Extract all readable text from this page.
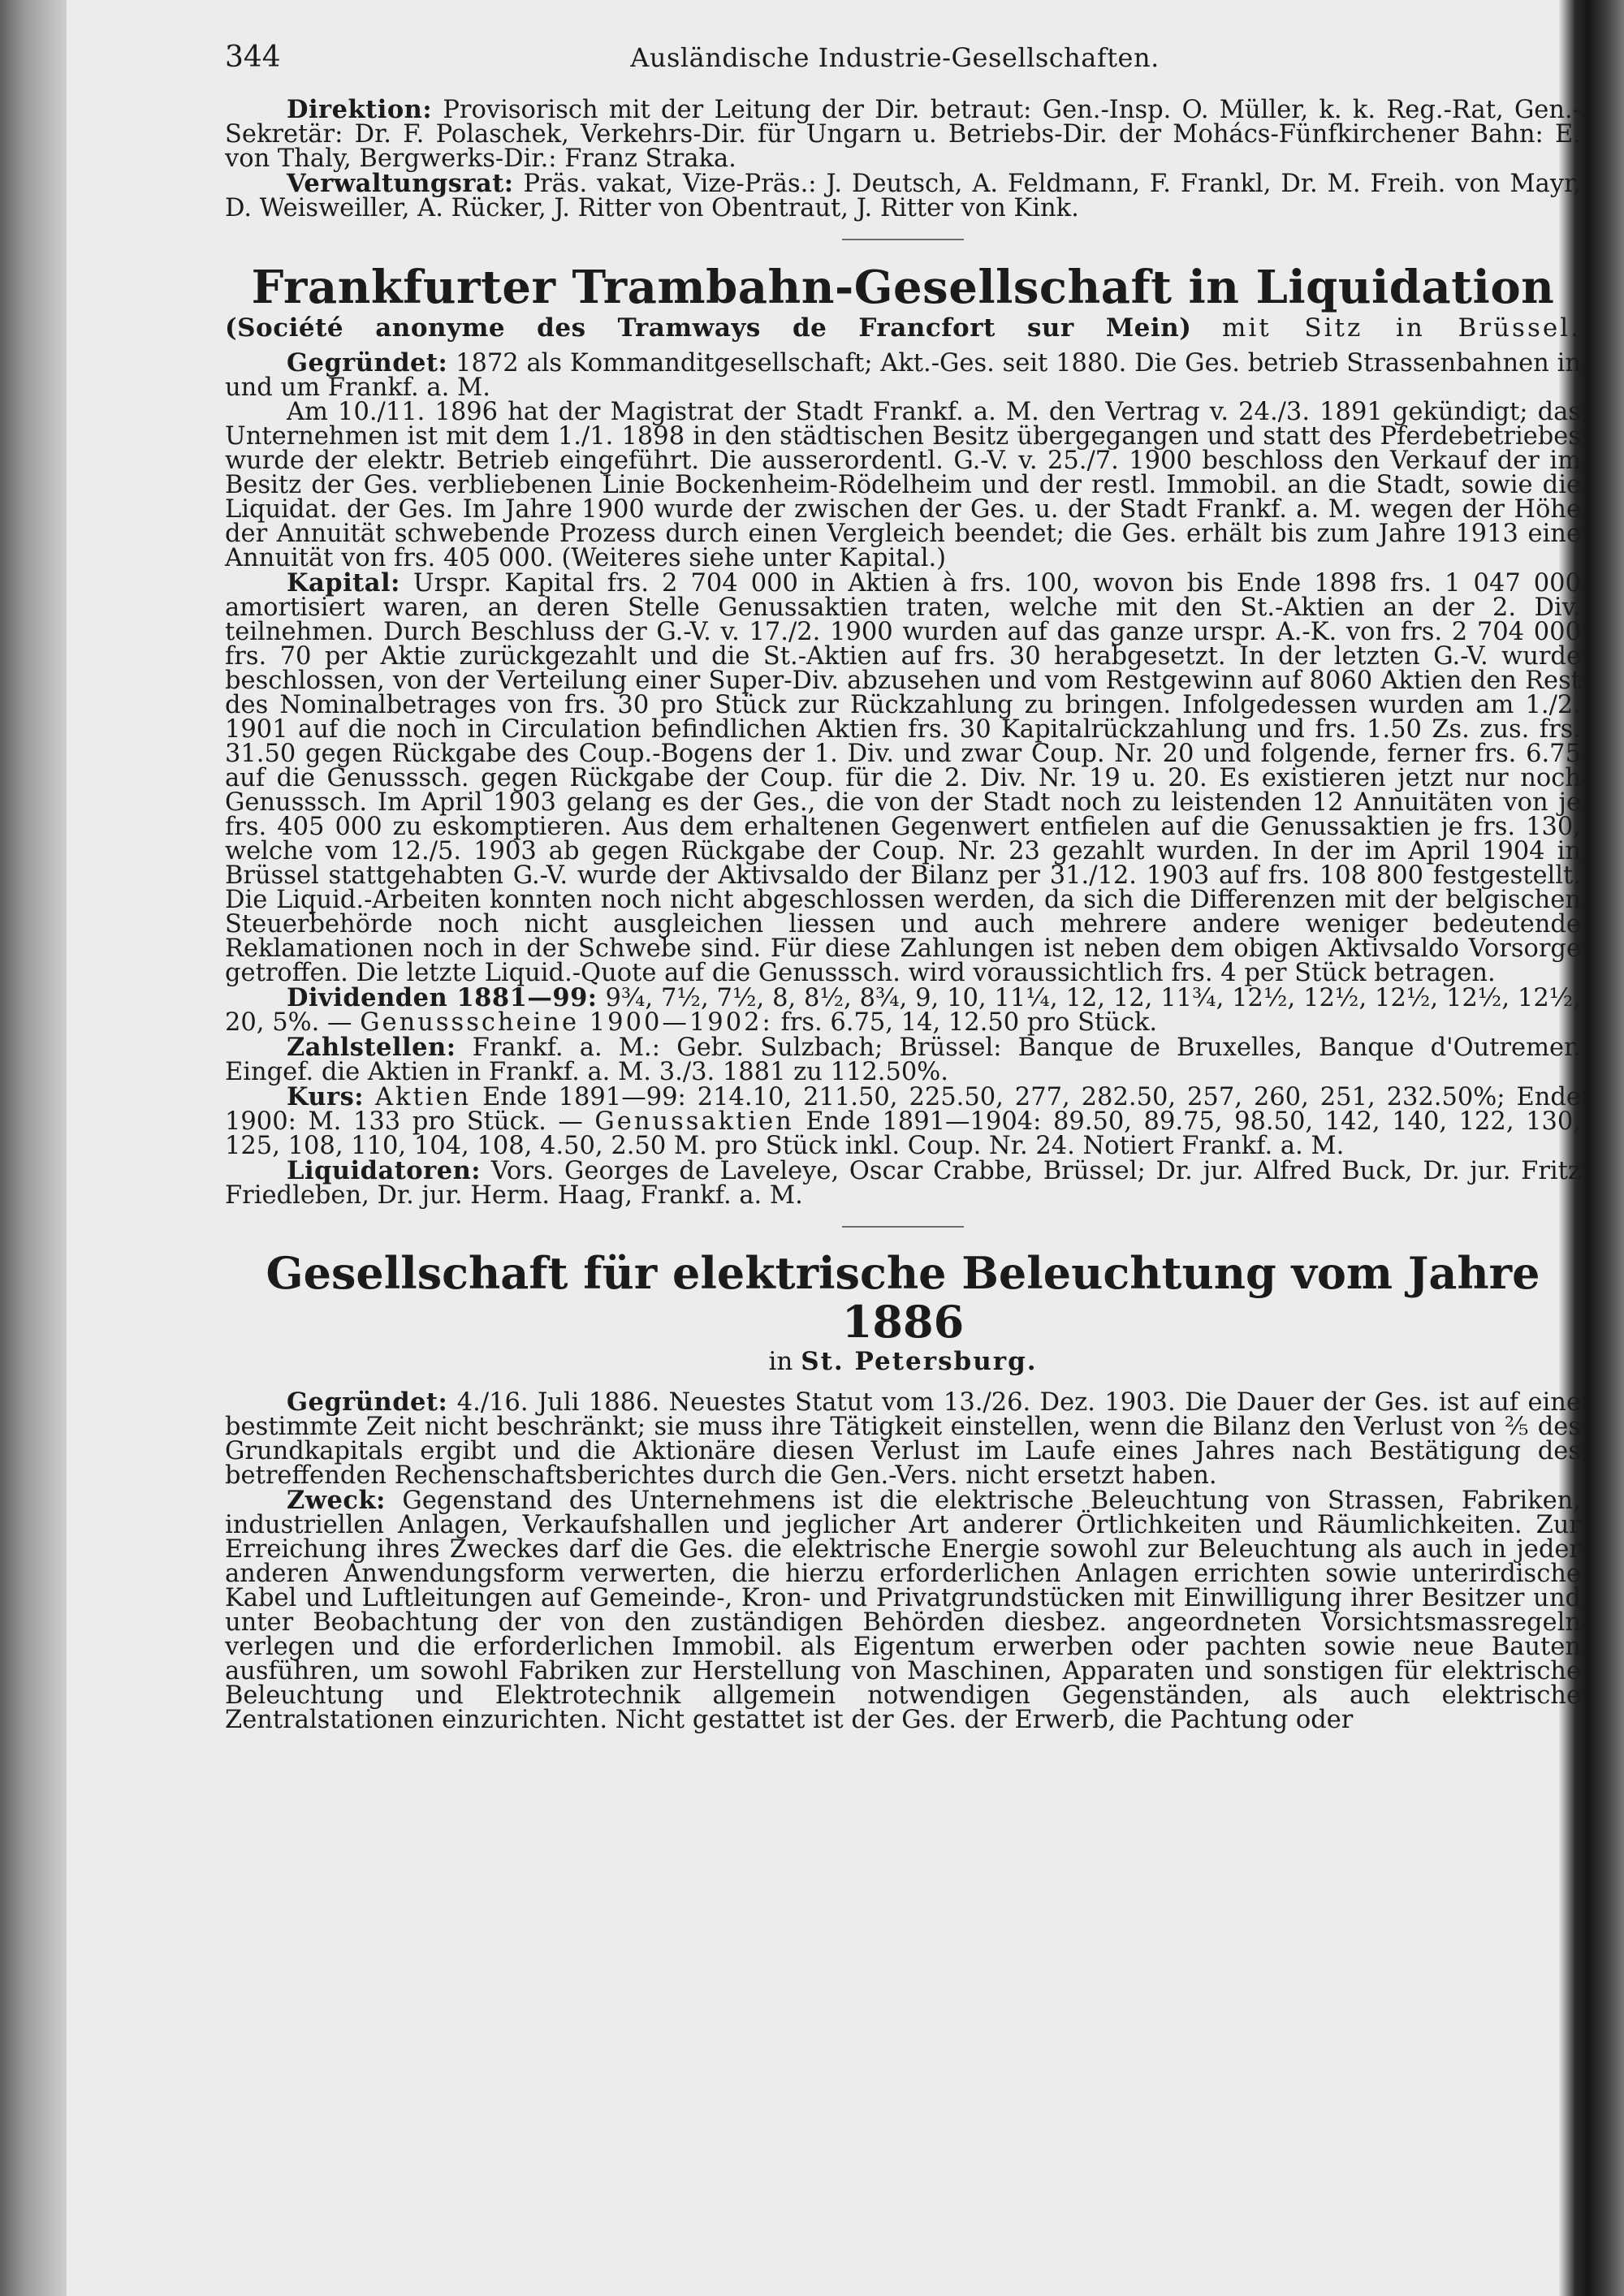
344	Ausländische Industrie-Gesellschaften.

Direktion: Provisorisch mit der Leitung der Dir. betraut: Gen.-Insp. O. Müller, k. k. Reg.-Rat, Gen.-Sekretär: Dr. F. Polaschek, Verkehrs-Dir. für Ungarn u. Betriebs-Dir. der Mohács-Fünfkirchener Bahn: E. von Thaly, Bergwerks-Dir.: Franz Straka.

Verwaltungsrat: Präs. vakat, Vize-Präs.: J. Deutsch, A. Feldmann, F. Frankl, Dr. M. Freih. von Mayr, D. Weisweiller, A. Rücker, J. Ritter von Obentraut, J. Ritter von Kink.

Frankfurter Trambahn-Gesellschaft in Liquidation
(Société anonyme des Tramways de Francfort sur Mein) mit Sitz in Brüssel.

Gegründet: 1872 als Kommanditgesellschaft; Akt.-Ges. seit 1880. Die Ges. betrieb Strassenbahnen in und um Frankf. a. M.

Am 10./11. 1896 hat der Magistrat der Stadt Frankf. a. M. den Vertrag v. 24./3. 1891 gekündigt; das Unternehmen ist mit dem 1./1. 1898 in den städtischen Besitz übergegangen und statt des Pferdebetriebes wurde der elektr. Betrieb eingeführt. Die ausserordentl. G.-V. v. 25./7. 1900 beschloss den Verkauf der im Besitz der Ges. verbliebenen Linie Bockenheim-Rödelheim und der restl. Immobil. an die Stadt, sowie die Liquidat. der Ges. Im Jahre 1900 wurde der zwischen der Ges. u. der Stadt Frankf. a. M. wegen der Höhe der Annuität schwebende Prozess durch einen Vergleich beendet; die Ges. erhält bis zum Jahre 1913 eine Annuität von frs. 405 000. (Weiteres siehe unter Kapital.)

Kapital: Urspr. Kapital frs. 2 704 000 in Aktien à frs. 100, wovon bis Ende 1898 frs. 1 047 000 amortisiert waren, an deren Stelle Genussaktien traten, welche mit den St.-Aktien an der 2. Div. teilnehmen. Durch Beschluss der G.-V. v. 17./2. 1900 wurden auf das ganze urspr. A.-K. von frs. 2 704 000 frs. 70 per Aktie zurückgezahlt und die St.-Aktien auf frs. 30 herabgesetzt. In der letzten G.-V. wurde beschlossen, von der Verteilung einer Super-Div. abzusehen und vom Restgewinn auf 8060 Aktien den Rest des Nominalbetrages von frs. 30 pro Stück zur Rückzahlung zu bringen. Infolgedessen wurden am 1./2. 1901 auf die noch in Circulation befindlichen Aktien frs. 30 Kapitalrückzahlung und frs. 1.50 Zs. zus. frs. 31.50 gegen Rückgabe des Coup.-Bogens der 1. Div. und zwar Coup. Nr. 20 und folgende, ferner frs. 6.75 auf die Genusssch. gegen Rückgabe der Coup. für die 2. Div. Nr. 19 u. 20. Es existieren jetzt nur noch Genusssch. Im April 1903 gelang es der Ges., die von der Stadt noch zu leistenden 12 Annuitäten von je frs. 405 000 zu eskomptieren. Aus dem erhaltenen Gegenwert entfielen auf die Genussaktien je frs. 130, welche vom 12./5. 1903 ab gegen Rückgabe der Coup. Nr. 23 gezahlt wurden. In der im April 1904 in Brüssel stattgehabten G.-V. wurde der Aktivsaldo der Bilanz per 31./12. 1903 auf frs. 108 800 festgestellt. Die Liquid.-Arbeiten konnten noch nicht abgeschlossen werden, da sich die Differenzen mit der belgischen Steuerbehörde noch nicht ausgleichen liessen und auch mehrere andere weniger bedeutende Reklamationen noch in der Schwebe sind. Für diese Zahlungen ist neben dem obigen Aktivsaldo Vorsorge getroffen. Die letzte Liquid.-Quote auf die Genusssch. wird voraussichtlich frs. 4 per Stück betragen.

Dividenden 1881—99: 9¾, 7½, 7½, 8, 8½, 8¾, 9, 10, 11¼, 12, 12, 11¾, 12½, 12½, 12½, 12½, 12½, 20, 5%. — Genussscheine 1900—1902: frs. 6.75, 14, 12.50 pro Stück.

Zahlstellen: Frankf. a. M.: Gebr. Sulzbach; Brüssel: Banque de Bruxelles, Banque d'Outremer. Eingef. die Aktien in Frankf. a. M. 3./3. 1881 zu 112.50%.

Kurs: Aktien Ende 1891—99: 214.10, 211.50, 225.50, 277, 282.50, 257, 260, 251, 232.50%; Ende 1900: M. 133 pro Stück. — Genussaktien Ende 1891—1904: 89.50, 89.75, 98.50, 142, 140, 122, 130, 125, 108, 110, 104, 108, 4.50, 2.50 M. pro Stück inkl. Coup. Nr. 24. Notiert Frankf. a. M.

Liquidatoren: Vors. Georges de Laveleye, Oscar Crabbe, Brüssel; Dr. jur. Alfred Buck, Dr. jur. Fritz Friedleben, Dr. jur. Herm. Haag, Frankf. a. M.

Gesellschaft für elektrische Beleuchtung vom Jahre 1886
in St. Petersburg.

Gegründet: 4./16. Juli 1886. Neuestes Statut vom 13./26. Dez. 1903. Die Dauer der Ges. ist auf eine bestimmte Zeit nicht beschränkt; sie muss ihre Tätigkeit einstellen, wenn die Bilanz den Verlust von ⅖ des Grundkapitals ergibt und die Aktionäre diesen Verlust im Laufe eines Jahres nach Bestätigung des betreffenden Rechenschaftsberichtes durch die Gen.-Vers. nicht ersetzt haben.

Zweck: Gegenstand des Unternehmens ist die elektrische Beleuchtung von Strassen, Fabriken, industriellen Anlagen, Verkaufshallen und jeglicher Art anderer Örtlichkeiten und Räumlichkeiten. Zur Erreichung ihres Zweckes darf die Ges. die elektrische Energie sowohl zur Beleuchtung als auch in jeder anderen Anwendungsform verwerten, die hierzu erforderlichen Anlagen errichten sowie unterirdische Kabel und Luftleitungen auf Gemeinde-, Kron- und Privatgrundstücken mit Einwilligung ihrer Besitzer und unter Beobachtung der von den zuständigen Behörden diesbez. angeordneten Vorsichtsmassregeln verlegen und die erforderlichen Immobil. als Eigentum erwerben oder pachten sowie neue Bauten ausführen, um sowohl Fabriken zur Herstellung von Maschinen, Apparaten und sonstigen für elektrische Beleuchtung und Elektrotechnik allgemein notwendigen Gegenständen, als auch elektrische Zentralstationen einzurichten. Nicht gestattet ist der Ges. der Erwerb, die Pachtung oder
